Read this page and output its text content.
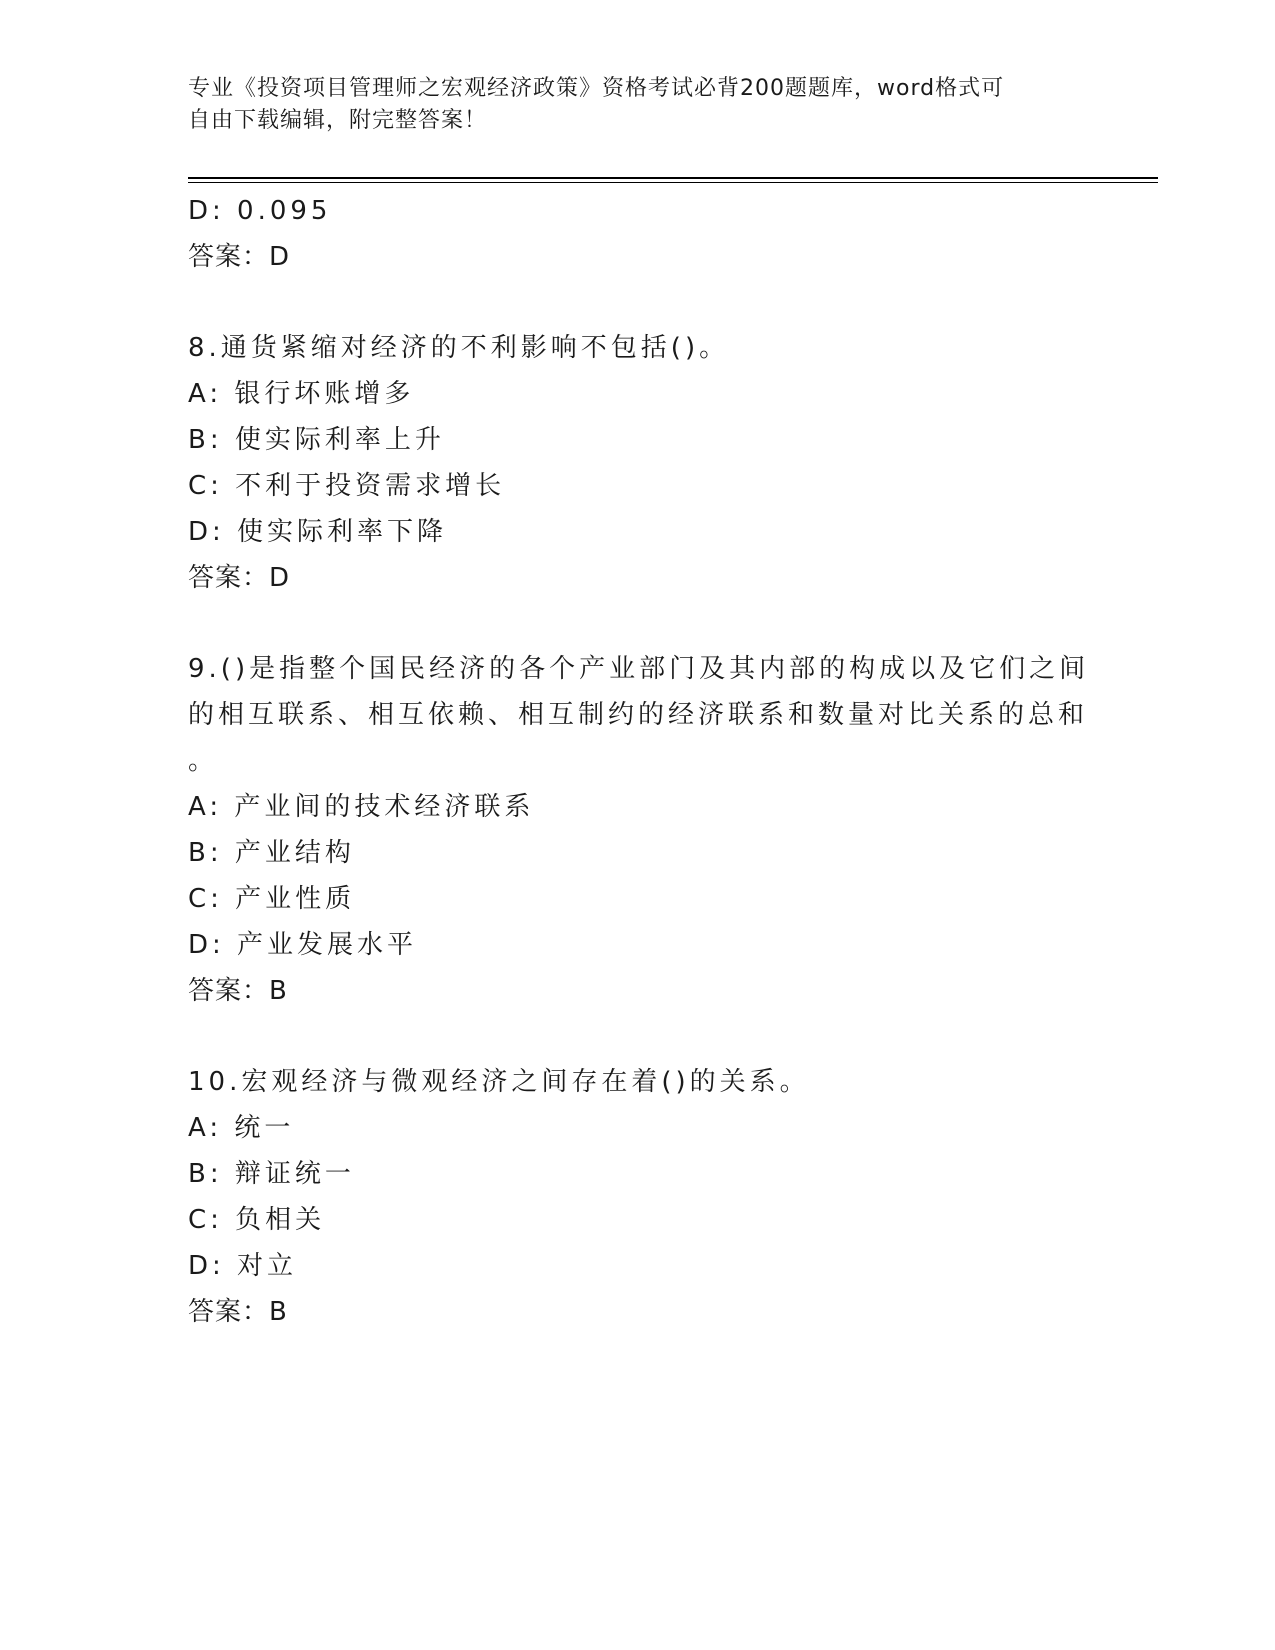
专业《投资项目管理师之宏观经济政策》资格考试必背200题题库，word格式可
自由下载编辑，附完整答案！
D: 0.095
答案：D
8.通货紧缩对经济的不利影响不包括()。
A: 银行坏账增多
B: 使实际利率上升
C: 不利于投资需求增长
D: 使实际利率下降
答案：D
9.()是指整个国民经济的各个产业部门及其内部的构成以及它们之间
的相互联系、相互依赖、相互制约的经济联系和数量对比关系的总和
。
A: 产业间的技术经济联系
B: 产业结构
C: 产业性质
D: 产业发展水平
答案：B
10.宏观经济与微观经济之间存在着()的关系。
A: 统一
B: 辩证统一
C: 负相关
D: 对立
答案：B
